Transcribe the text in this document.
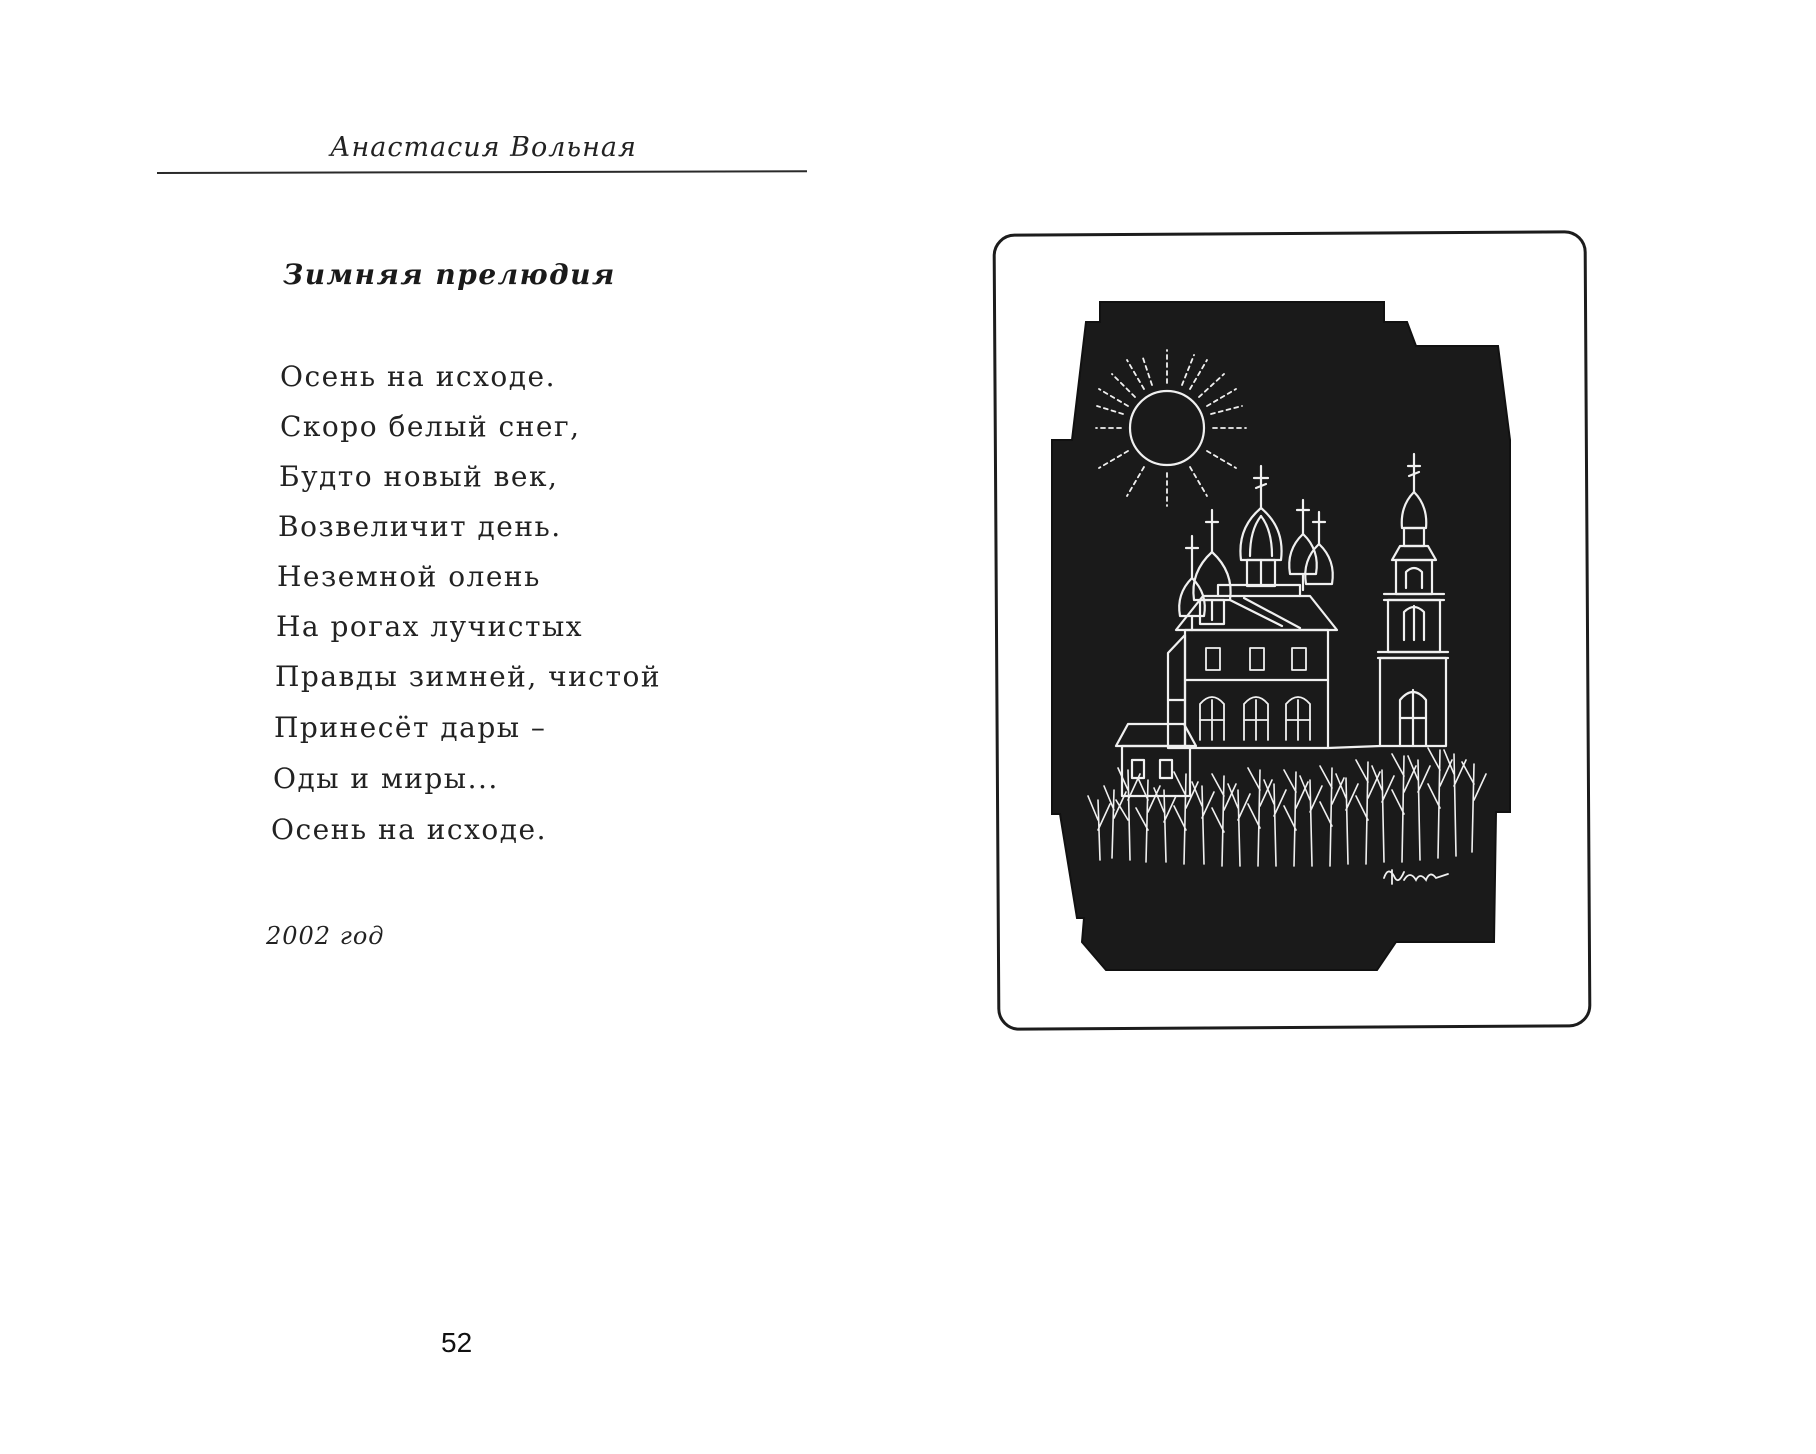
Анастасия Вольная
Зимняя прелюдия
Осень на исходе.
Скоро белый снег,
Будто новый век,
Возвеличит день.
Неземной олень
На рогах лучистых
Правды зимней, чистой
Принесёт дары –
Оды и миры...
Осень на исходе.
2002 год
52
